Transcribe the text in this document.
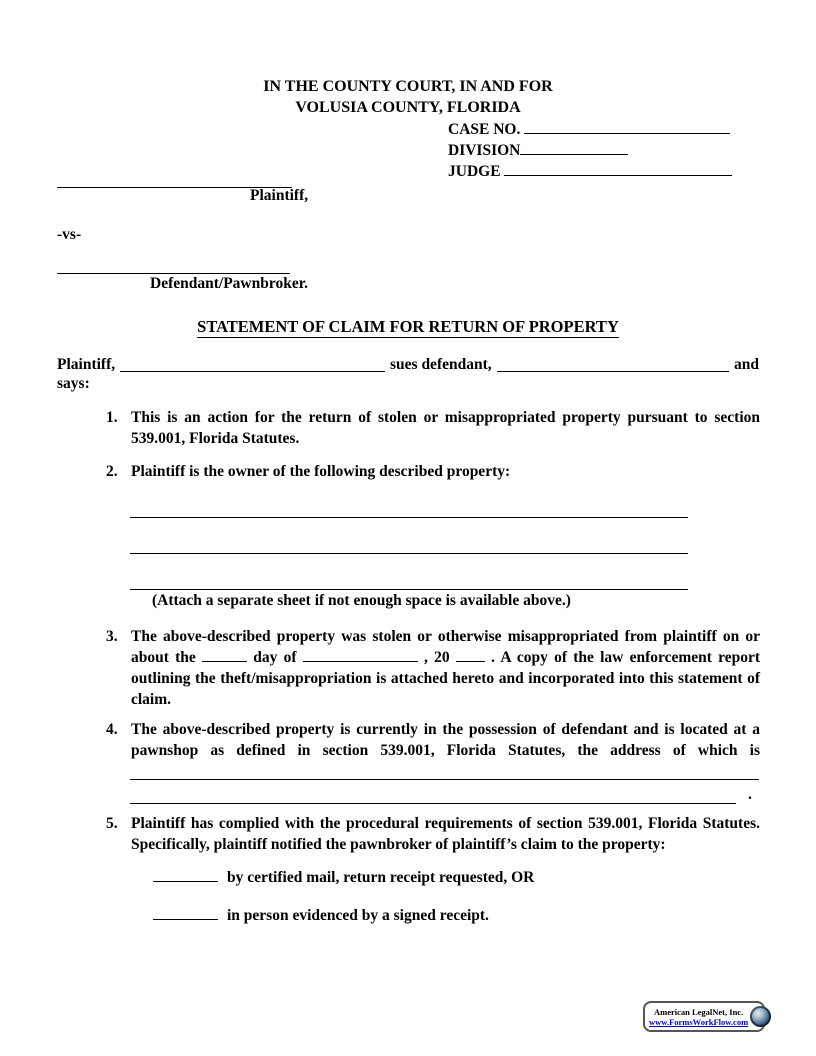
IN THE COUNTY COURT, IN AND FOR
VOLUSIA COUNTY, FLORIDA
CASE NO.
DIVISION
JUDGE
Plaintiff,
-vs-
Defendant/Pawnbroker.
STATEMENT OF CLAIM FOR RETURN OF PROPERTY
Plaintiff,	sues defendant,	and
says:
1. This is an action for the return of stolen or misappropriated property pursuant to section 539.001, Florida Statutes.

2. Plaintiff is the owner of the following described property:

(Attach a separate sheet if not enough space is available above.)
3. The above-described property was stolen or otherwise misappropriated from plaintiff on or about the	day of	, 20	. A copy of the law enforcement report outlining the theft/misappropriation is attached hereto and incorporated into this statement of claim.

4. The above-described property is currently in the possession of defendant and is located at a pawnshop as defined in section 539.001, Florida Statutes, the address of which is

.
5. Plaintiff has complied with the procedural requirements of section 539.001, Florida Statutes. Specifically, plaintiff notified the pawnbroker of plaintiff’s claim to the property:

by certified mail, return receipt requested, OR
in person evidenced by a signed receipt.
American LegalNet, Inc.
www.FormsWorkFlow.com
